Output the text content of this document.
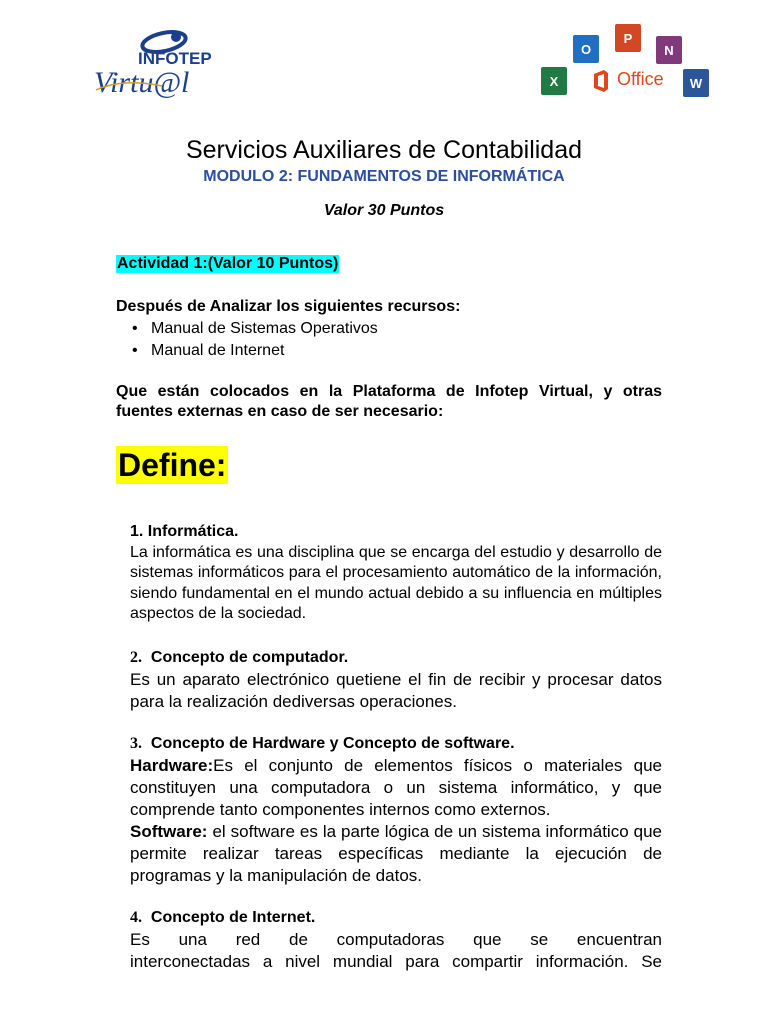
INFOTEP
Virtu@l
O
P
N
X	Office W
Servicios Auxiliares de Contabilidad
MODULO 2: FUNDAMENTOS DE INFORMÁTICA
Valor 30 Puntos
Actividad 1:(Valor 10 Puntos)
Después de Analizar los siguientes recursos:
• Manual de Sistemas Operativos
• Manual de Internet
Que están colocados en la Plataforma de Infotep Virtual, y otras fuentes externas en caso de ser necesario:
Define:
1. Informática.
La informática es una disciplina que se encarga del estudio y desarrollo de sistemas informáticos para el procesamiento automático de la información, siendo fundamental en el mundo actual debido a su influencia en múltiples aspectos de la sociedad.
2. Concepto de computador.
Es un aparato electrónico quetiene el fin de recibir y procesar datos para la realización dediversas operaciones.
3. Concepto de Hardware y Concepto de software.
Hardware:Es el conjunto de elementos físicos o materiales que constituyen una computadora o un sistema informático, y que comprende tanto componentes internos como externos.
Software: el software es la parte lógica de un sistema informático que permite realizar tareas específicas mediante la ejecución de programas y la manipulación de datos.
4. Concepto de Internet.
Es una red de computadoras que se encuentran
interconectadas a nivel mundial para compartir información. Se
